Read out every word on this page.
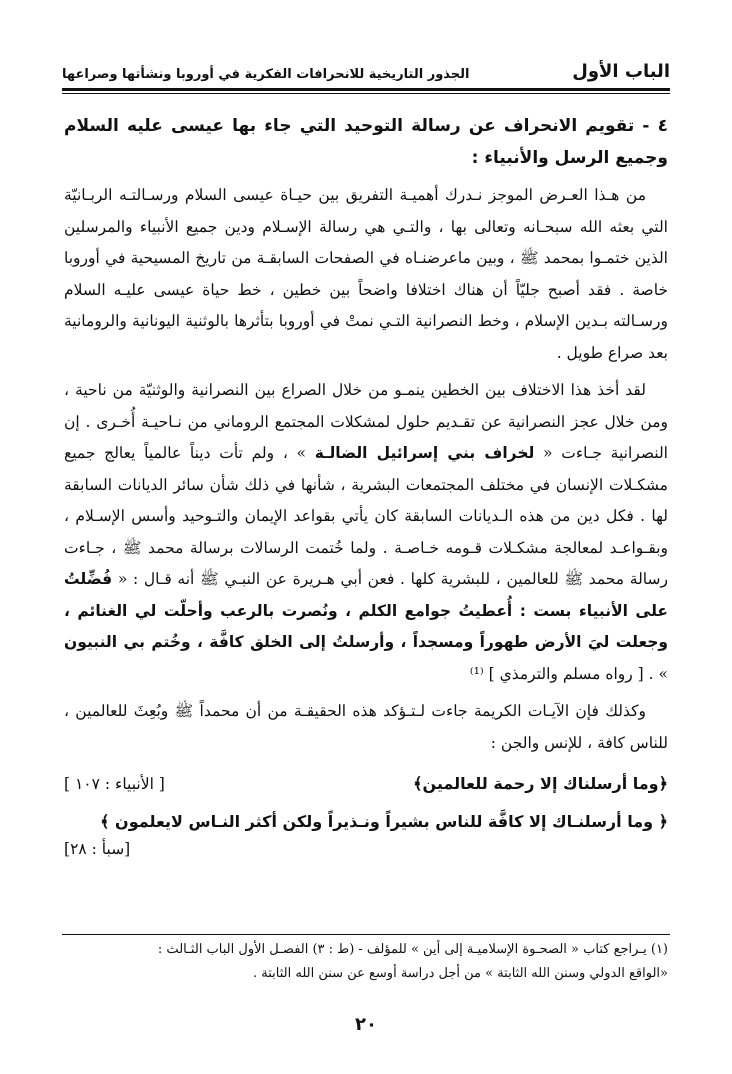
الباب الأول
الجذور التاريخية للانحرافات الفكرية في أوروبا ونشأتها وصراعها

٤ - تقويم الانحراف عن رسالة التوحيد التي جاء بها عيسى عليه السلام وجميع الرسل والأنبياء :

من هـذا العـرض الموجز نـدرك أهميـة التفريق بين حيـاة عيسى السلام ورسـالتـه الربـانيّة التي بعثه الله سبحـانه وتعالى بها ، والتـي هي رسالة الإسـلام ودين جميع الأنبياء والمرسلين الذين ختمـوا بمحمد ﷺ ، وبين ماعرضنـاه في الصفحات السابقـة من تاريخ المسيحية في أوروبا خاصة . فقد أصبح جليّاً أن هناك اختلافا واضحاً بين خطين ، خط حياة عيسى عليـه السلام ورسـالته بـدين الإسلام ، وخط النصرانية التـي نمتْ في أوروبا بتأثرها بالوثنية اليونانية والرومانية بعد صراع طويل .

لقد أخذ هذا الاختلاف بين الخطين ينمـو من خلال الصراع بين النصرانية والوثنيّة من ناحية ، ومن خلال عجز النصرانية عن تقـديم حلول لمشكلات المجتمع الروماني من نـاحيـة أُخـرى . إن النصرانية جـاءت « لخراف بني إسرائيل الضالـة » ، ولم تأت ديناً عالمياً يعالج جميع مشكـلات الإنسان في مختلف المجتمعات البشرية ، شأنها في ذلك شأن سائر الديانات السابقة لها . فكل دين من هذه الـديانات السابقة كان يأتي بقواعد الإيمان والتـوحيد وأسس الإسـلام ، وبقـواعـد لمعالجة مشكـلات قـومه خـاصـة . ولما خُتمت الرسالات برسالة محمد ﷺ ، جـاءت رسالة محمد ﷺ للعالمين ، للبشرية كلها . فعن أبي هـريرة عن النبـي ﷺ أنه قـال : « فُضِّلتُ على الأنبياء بست : أُعطيتُ جوامع الكلم ، ونُصرت بالرعب وأحلّت لي الغنائم ، وجعلت ليَ الأرض طهوراً ومسجداً ، وأرسلتُ إلى الخلق كافَّة ، وخُتم بي النبيون » . [ رواه مسلم والترمذي ] ⁽¹⁾

وكذلك فإن الآيـات الكريمة جاءت لـتـؤكد هذه الحقيقـة من أن محمداً ﷺ وبُعِثَ للعالمين ، للناس كافة ، للإنس والجن :

﴿وما أرسلناك إلا رحمة للعالمين﴾
[ الأنبياء : ١٠٧ ]
﴿ وما أرسلنـاك إلا كافَّة للناس بشيراً ونـذيراً ولكن أكثر النـاس لايعلمون ﴾
[سبأ : ٢٨]

(١) يـراجع كتاب « الصحـوة الإسلاميـة إلى أين » للمؤلف - (ط : ٣) الفصـل الأول الباب الثـالث :

«الواقع الدولي وسنن الله الثابتة » من أجل دراسة أوسع عن سنن الله الثابتة .

٢٠
